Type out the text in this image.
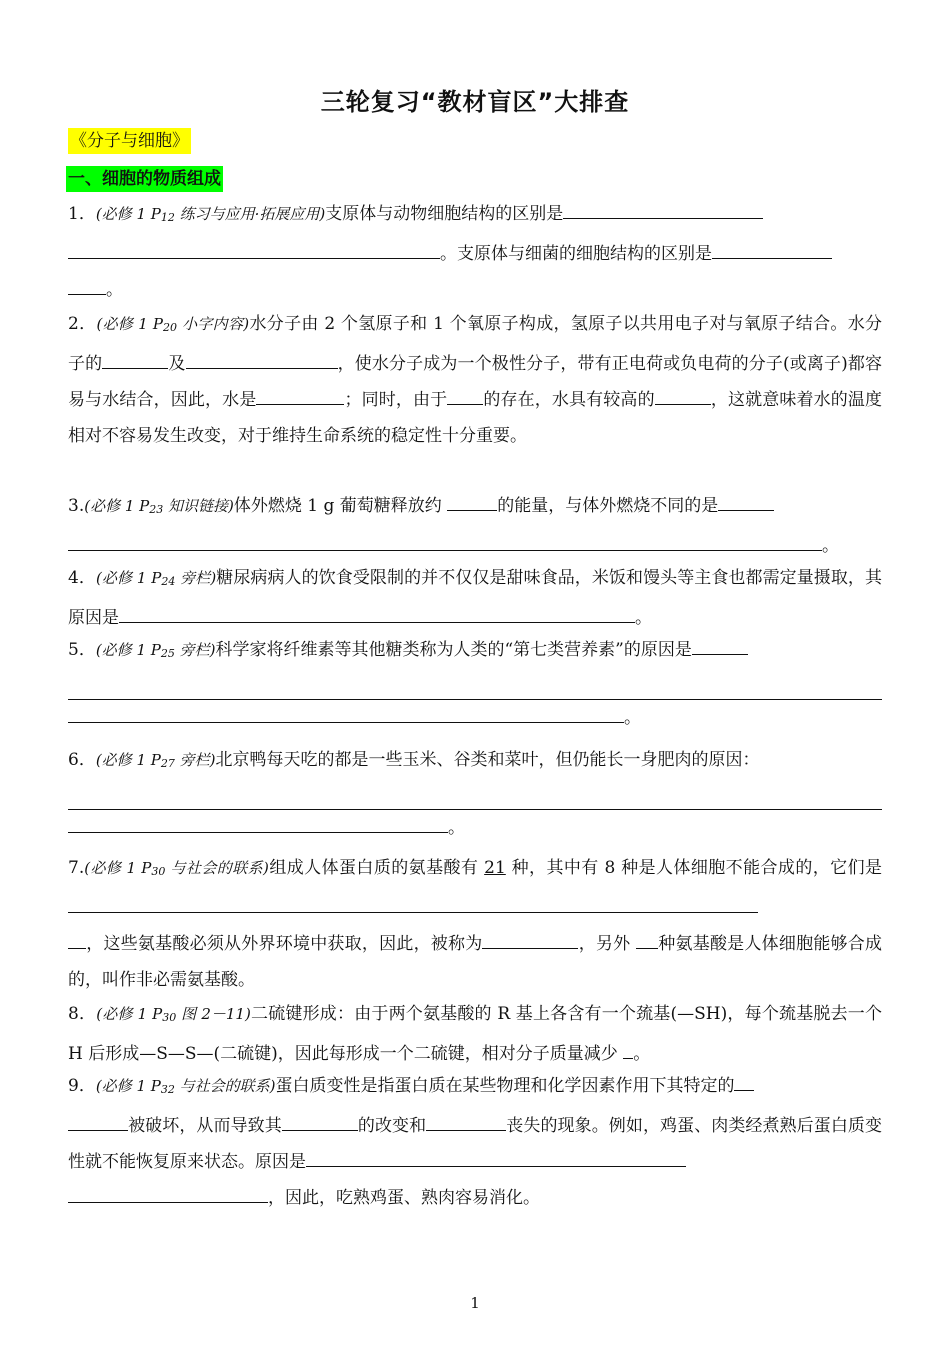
三轮复习“教材盲区”大排查
《分子与细胞》
一、细胞的物质组成
1．(必修 1 $P_{12}$ 练习与应用·拓展应用)支原体与动物细胞结构的区别是
。支原体与细菌的细胞结构的区别是
。
2．(必修 1 $P_{20}$ 小字内容)水分子由 2 个氢原子和 1 个氧原子构成，氢原子以共用电子对与氧原子结合。水分子的	及	，使水分子成为一个极性分子，带有正电荷或负电荷的分子(或离子)都容易与水结合，因此，水是	；同时，由于 的存在，水具有较高的	，这就意味着水的温度相对不容易发生改变，对于维持生命系统的稳定性十分重要。
3.(必修 1 $P_{23}$ 知识链接)体外燃烧 1 g 葡萄糖释放约	的能量，与体外燃烧不同的是
。
4．(必修 1 $P_{24}$ 旁栏)糖尿病病人的饮食受限制的并不仅仅是甜味食品，米饭和馒头等主食也都需定量摄取，其原因是	。
5．(必修 1 $P_{25}$ 旁栏)科学家将纤维素等其他糖类称为人类的“第七类营养素”的原因是

。
6．(必修 1 $P_{27}$ 旁栏)北京鸭每天吃的都是一些玉米、谷类和菜叶，但仍能长一身肥肉的原因：

。
7.(必修 1 $P_{30}$ 与社会的联系)组成人体蛋白质的氨基酸有 21 种，其中有 8 种是人体细胞不能合成的，它们是
，这些氨基酸必须从外界环境中获取，因此，被称为	，另外 种氨基酸是人体细胞能够合成的，叫作非必需氨基酸。
8．(必修 1 $P_{30}$ 图 2－11)二硫键形成：由于两个氨基酸的 R 基上各含有一个巯基(—SH)，每个巯基脱去一个 H 后形成—S—S—(二硫键)，因此每形成一个二硫键，相对分子质量减少 。
9．(必修 1 $P_{32}$ 与社会的联系)蛋白质变性是指蛋白质在某些物理和化学因素作用下其特定的
被破坏，从而导致其	的改变和	丧失的现象。例如，鸡蛋、肉类经煮熟后蛋白质变性就不能恢复原来状态。原因是
，因此，吃熟鸡蛋、熟肉容易消化。
1
